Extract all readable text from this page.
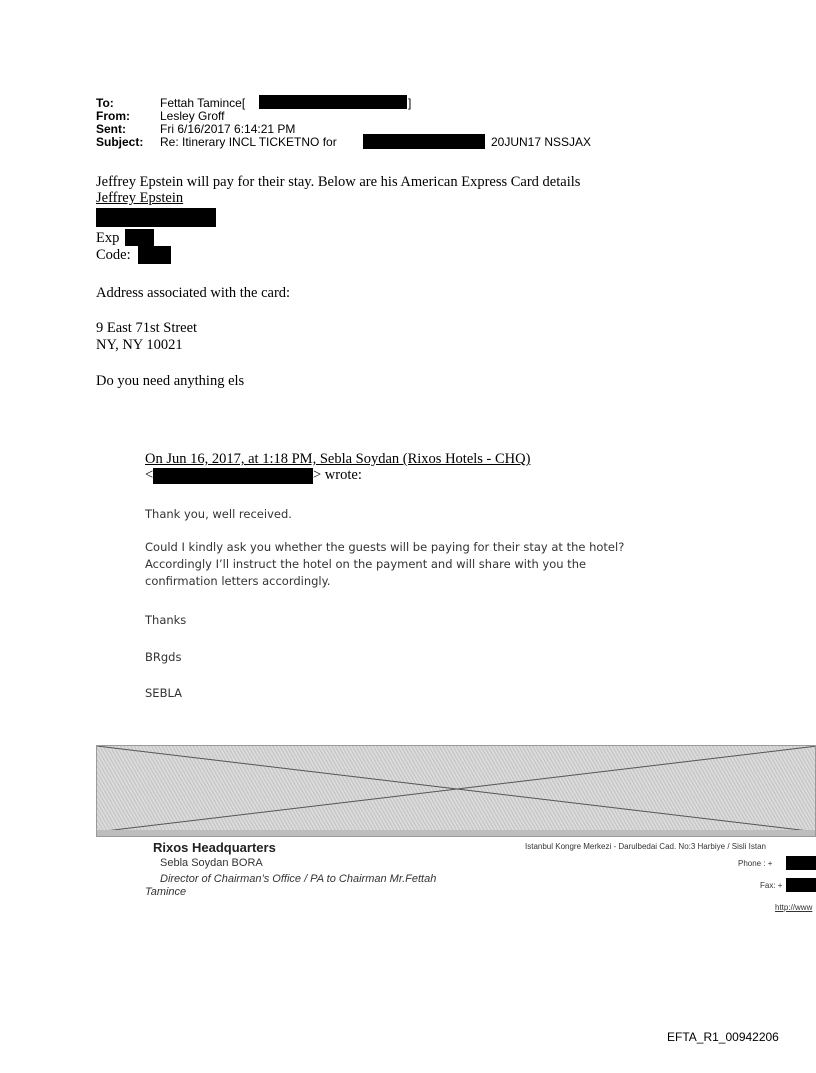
To:	Fettah Tamince[	]
From:	Lesley Groff
Sent:	Fri 6/16/2017 6:14:21 PM
Subject: Re: Itinerary INCL TICKETNO for	20JUN17 NSSJAX
Jeffrey Epstein will pay for their stay. Below are his American Express Card details
Jeffrey Epstein
Exp
Code:
Address associated with the card:
9 East 71st Street
NY, NY 10021
Do you need anything els
On Jun 16, 2017, at 1:18 PM, Sebla Soydan (Rixos Hotels - CHQ)
<	> wrote:
Thank you, well received.
Could I kindly ask you whether the guests will be paying for their stay at the hotel?
Accordingly I’ll instruct the hotel on the payment and will share with you the
confirmation letters accordingly.
Thanks
BRgds
SEBLA
Rixos Headquarters
Sebla Soydan BORA
Director of Chairman’s Office / PA to Chairman Mr.Fettah
Tamince
Istanbul Kongre Merkezi - Darulbedai Cad. No:3 Harbiye / Sisli Istan
Phone : +
Fax: +
http://www
EFTA_R1_00942206
